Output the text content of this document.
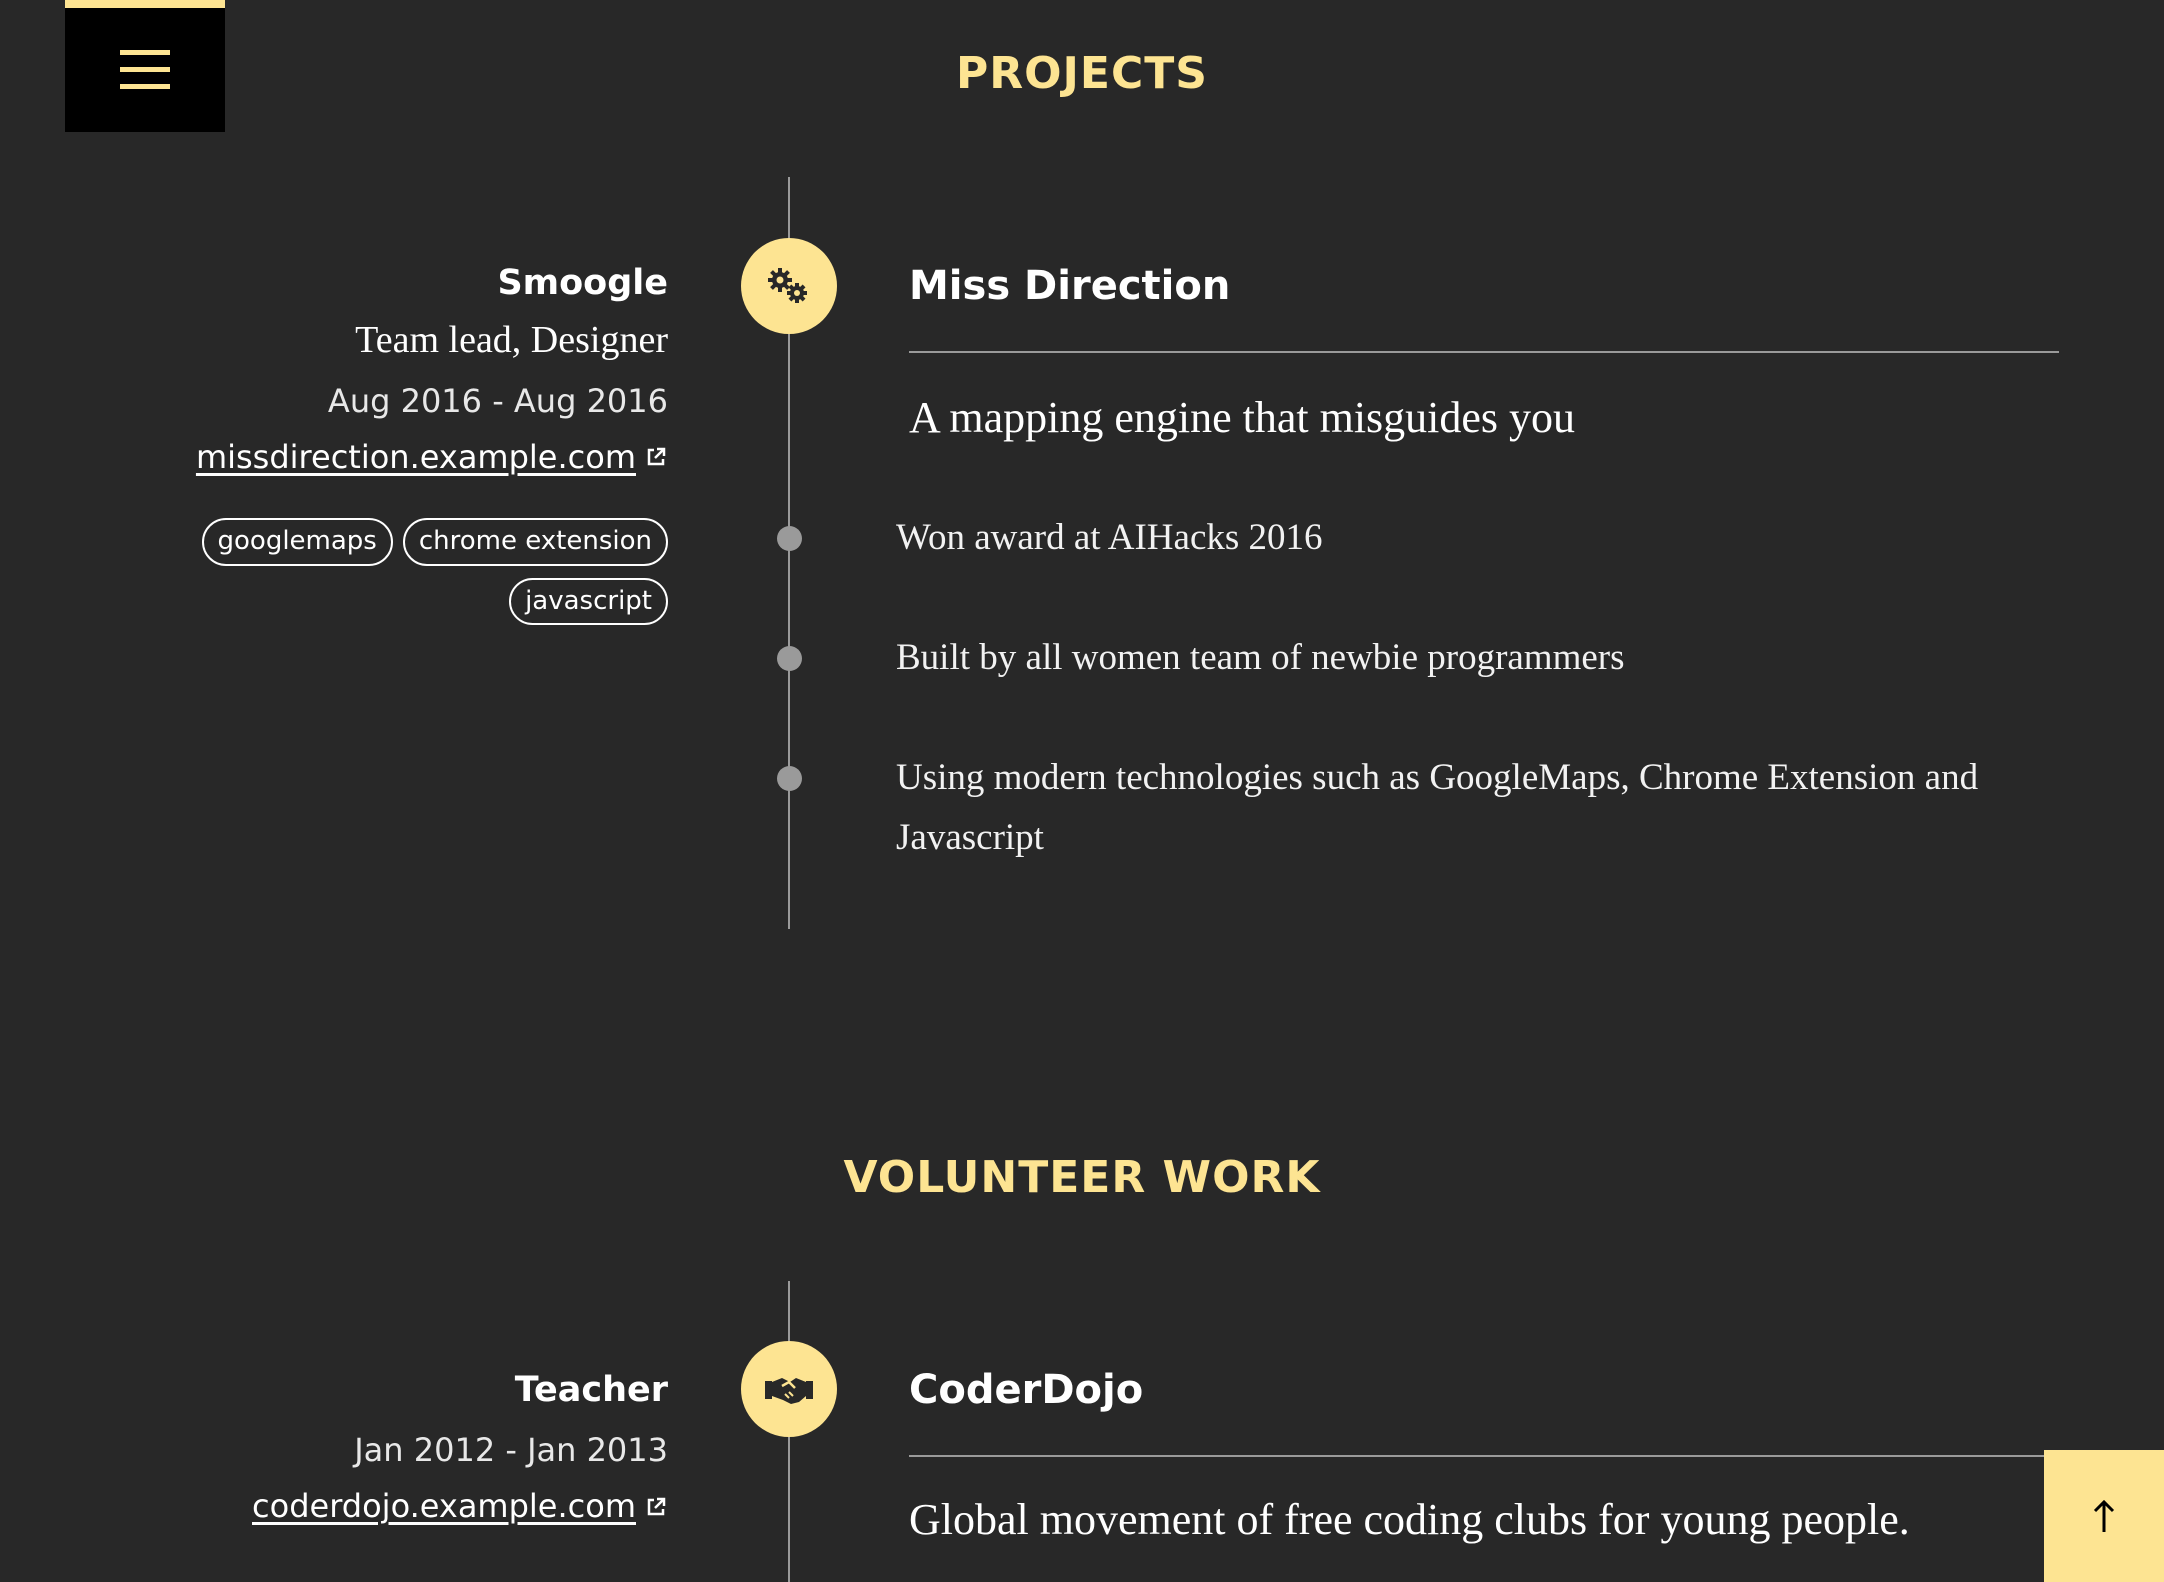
PROJECTS
Smoogle
Team lead, Designer
Aug 2016 - Aug 2016
missdirection.example.com
googlemaps	chrome extension
javascript
Miss Direction
A mapping engine that misguides you
Won award at AIHacks 2016
Built by all women team of newbie programmers
Using modern technologies such as GoogleMaps, Chrome Extension and Javascript
VOLUNTEER WORK
Teacher
Jan 2012 - Jan 2013
coderdojo.example.com
CoderDojo
Global movement of free coding clubs for young people.
